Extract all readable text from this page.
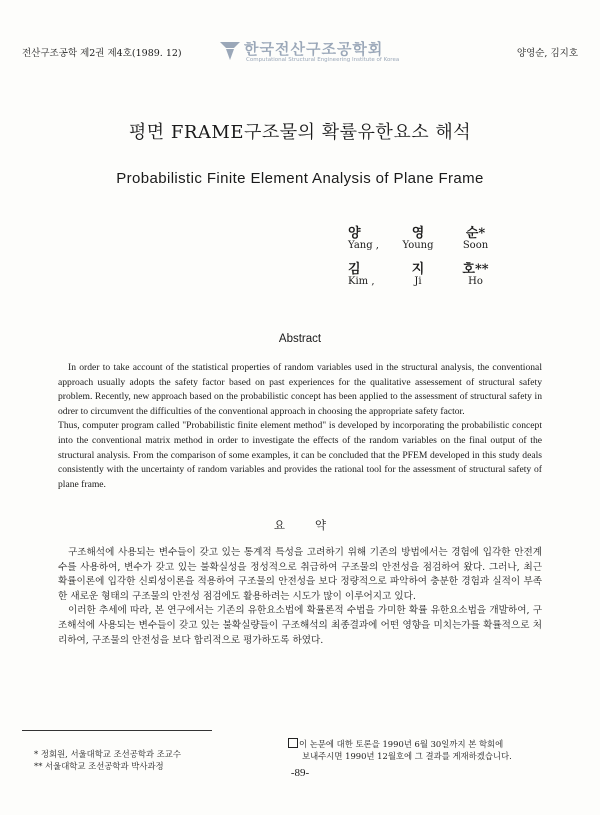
전산구조공학 제2권 제4호(1989. 12)	한국전산구조공학회
Computational Structural Engineering Institute of Korea
양영순, 김지호
평면 FRAME구조물의 확률유한요소 해석
Probabilistic Finite Element Analysis of Plane Frame
양	영	순*
Yang ,	Young	Soon
김	지	호**
Kim ,	Ji	Ho
Abstract

In order to take account of the statistical properties of random variables used in the structural analysis, the conventional approach usually adopts the safety factor based on past experiences for the qualitative assessement of structural safety problem. Recently, new approach based on the probabilistic concept has been applied to the assessment of structural safety in odrer to circumvent the difficulties of the conventional approach in choosing the appropriate safety factor.

Thus, computer program called "Probabilistic finite element method" is developed by incorporating the probabilistic concept into the conventional matrix method in order to investigate the effects of the random variables on the final output of the structural analysis. From the comparison of some examples, it can be concluded that the PFEM developed in this study deals consistently with the uncertainty of random variables and provides the rational tool for the assessment of structural safety of plane frame.

요약

구조해석에 사용되는 변수들이 갖고 있는 통계적 특성을 고려하기 위해 기존의 방법에서는 경험에 입각한 안전계수를 사용하여, 변수가 갖고 있는 불확실성을 정성적으로 취급하여 구조물의 안전성을 점검하여 왔다. 그러나, 최근 확률이론에 입각한 신뢰성이론을 적용하여 구조물의 안전성을 보다 정량적으로 파악하여 충분한 경험과 실적이 부족한 새로운 형태의 구조물의 안전성 점검에도 활용하려는 시도가 많이 이루어지고 있다.

이러한 추세에 따라, 본 연구에서는 기존의 유한요소법에 확률론적 수법을 가미한 확률 유한요소법을 개발하여, 구조해석에 사용되는 변수들이 갖고 있는 불확실량들이 구조해석의 최종결과에 어떤 영향을 미치는가를 확률적으로 처리하여, 구조물의 안전성을 보다 합리적으로 평가하도록 하였다.

* 정회원, 서울대학교 조선공학과 조교수
** 서울대학교 조선공학과 박사과정
이 논문에 대한 토론을 1990년 6월 30일까지 본 학회에
보내주시면 1990년 12월호에 그 결과를 게재하겠습니다.
-89-
